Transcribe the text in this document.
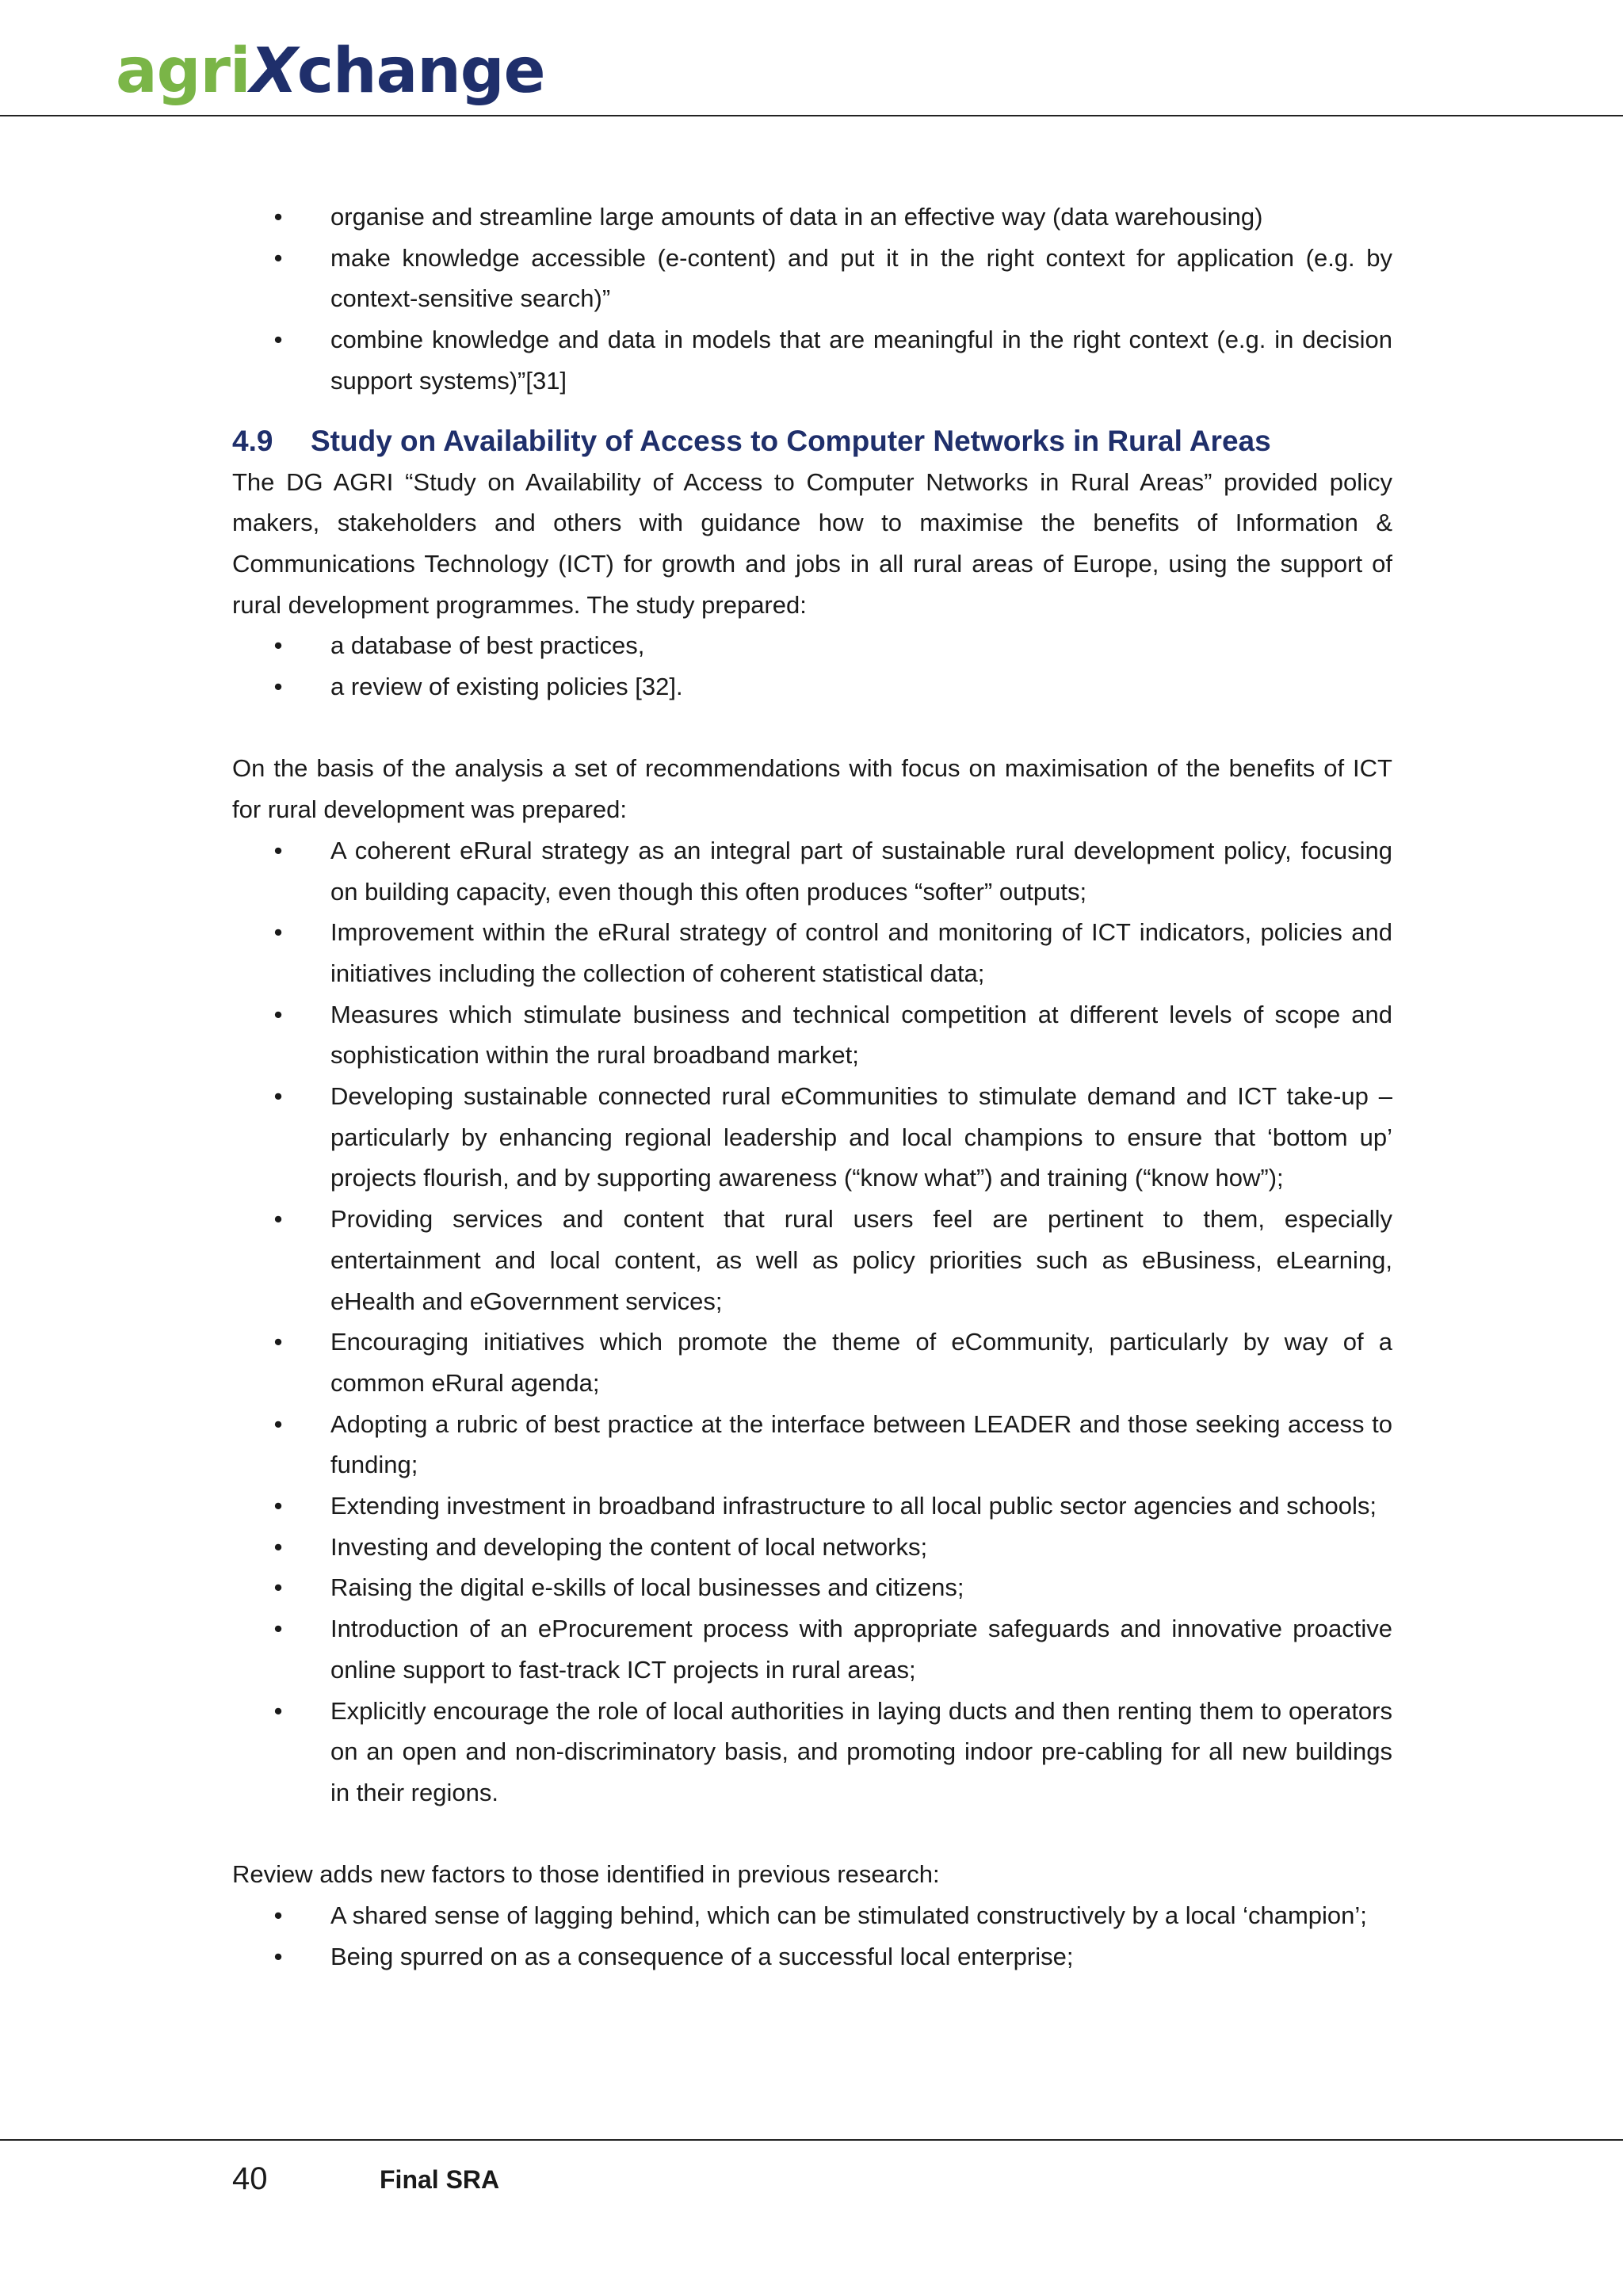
agriXchange
• organise and streamline large amounts of data in an effective way (data warehousing)
• make knowledge accessible (e-content) and put it in the right context for application (e.g. by context-sensitive search)”
• combine knowledge and data in models that are meaningful in the right context (e.g. in decision support systems)”[31]
4.9 Study on Availability of Access to Computer Networks in Rural Areas

The DG AGRI “Study on Availability of Access to Computer Networks in Rural Areas” provided policy makers, stakeholders and others with guidance how to maximise the benefits of Information & Communications Technology (ICT) for growth and jobs in all rural areas of Europe, using the support of rural development programmes. The study prepared:

• a database of best practices,
• a review of existing policies [32].

On the basis of the analysis a set of recommendations with focus on maximisation of the benefits of ICT for rural development was prepared:

• A coherent eRural strategy as an integral part of sustainable rural development policy, focusing on building capacity, even though this often produces “softer” outputs;
• Improvement within the eRural strategy of control and monitoring of ICT indicators, policies and initiatives including the collection of coherent statistical data;
• Measures which stimulate business and technical competition at different levels of scope and sophistication within the rural broadband market;
• Developing sustainable connected rural eCommunities to stimulate demand and ICT take-up – particularly by enhancing regional leadership and local champions to ensure that ‘bottom up’ projects flourish, and by supporting awareness (“know what”) and training (“know how”);
• Providing services and content that rural users feel are pertinent to them, especially entertainment and local content, as well as policy priorities such as eBusiness, eLearning, eHealth and eGovernment services;
• Encouraging initiatives which promote the theme of eCommunity, particularly by way of a common eRural agenda;
• Adopting a rubric of best practice at the interface between LEADER and those seeking access to funding;
• Extending investment in broadband infrastructure to all local public sector agencies and schools;
• Investing and developing the content of local networks;
• Raising the digital e-skills of local businesses and citizens;
• Introduction of an eProcurement process with appropriate safeguards and innovative proactive online support to fast-track ICT projects in rural areas;
• Explicitly encourage the role of local authorities in laying ducts and then renting them to operators on an open and non-discriminatory basis, and promoting indoor pre-cabling for all new buildings in their regions.

Review adds new factors to those identified in previous research:

• A shared sense of lagging behind, which can be stimulated constructively by a local ‘champion’;
• Being spurred on as a consequence of a successful local enterprise;
40	Final SRA
